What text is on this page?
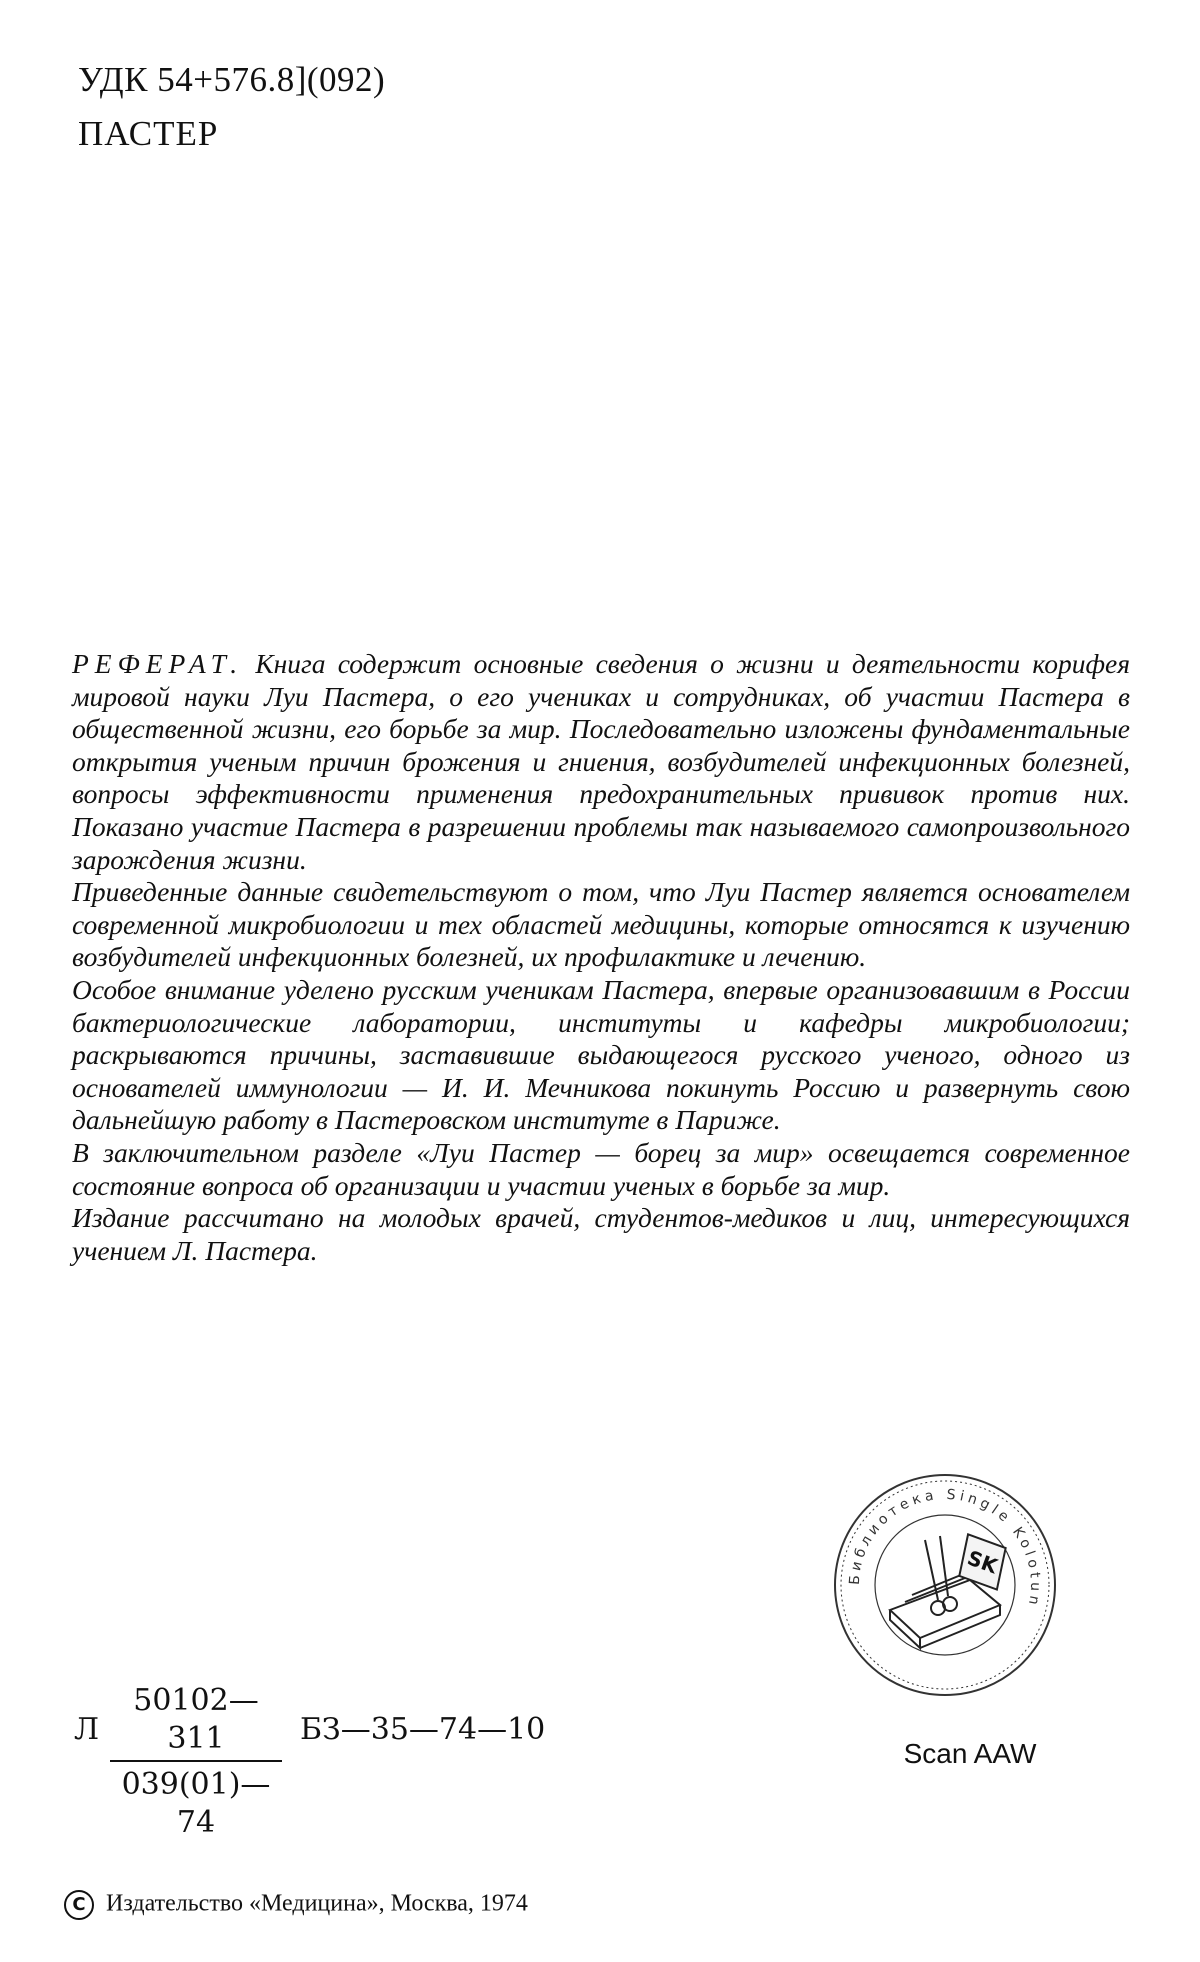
УДК 54+576.8](092)
ПАСТЕР

РЕФЕРАТ. Книга содержит основные сведения о жизни и деятельности корифея мировой науки Луи Пастера, о его учениках и сотрудниках, об участии Пастера в общественной жизни, его борьбе за мир. Последовательно изложены фундаментальные открытия ученым причин брожения и гниения, возбудителей инфекционных болезней, вопросы эффективности применения предохранительных прививок против них. Показано участие Пастера в разрешении проблемы так называемого самопроизвольного зарождения жизни.

Приведенные данные свидетельствуют о том, что Луи Пастер является основателем современной микробиологии и тех областей медицины, которые относятся к изучению возбудителей инфекционных болезней, их профилактике и лечению.

Особое внимание уделено русским ученикам Пастера, впервые организовавшим в России бактериологические лаборатории, институты и кафедры микробиологии; раскрываются причины, заставившие выдающегося русского ученого, одного из основателей иммунологии — И. И. Мечникова покинуть Россию и развернуть свою дальнейшую работу в Пастеровском институте в Париже.

В заключительном разделе «Луи Пастер — борец за мир» освещается современное состояние вопроса об организации и участии ученых в борьбе за мир.

Издание рассчитано на молодых врачей, студентов-медиков и лиц, интересующихся учением Л. Пастера.

Библиотека Single Kolotun
SK
Scan AAW
Л
50102—311
039(01)—74
БЗ—35—74—10
C Издательство «Медицина», Москва, 1974
